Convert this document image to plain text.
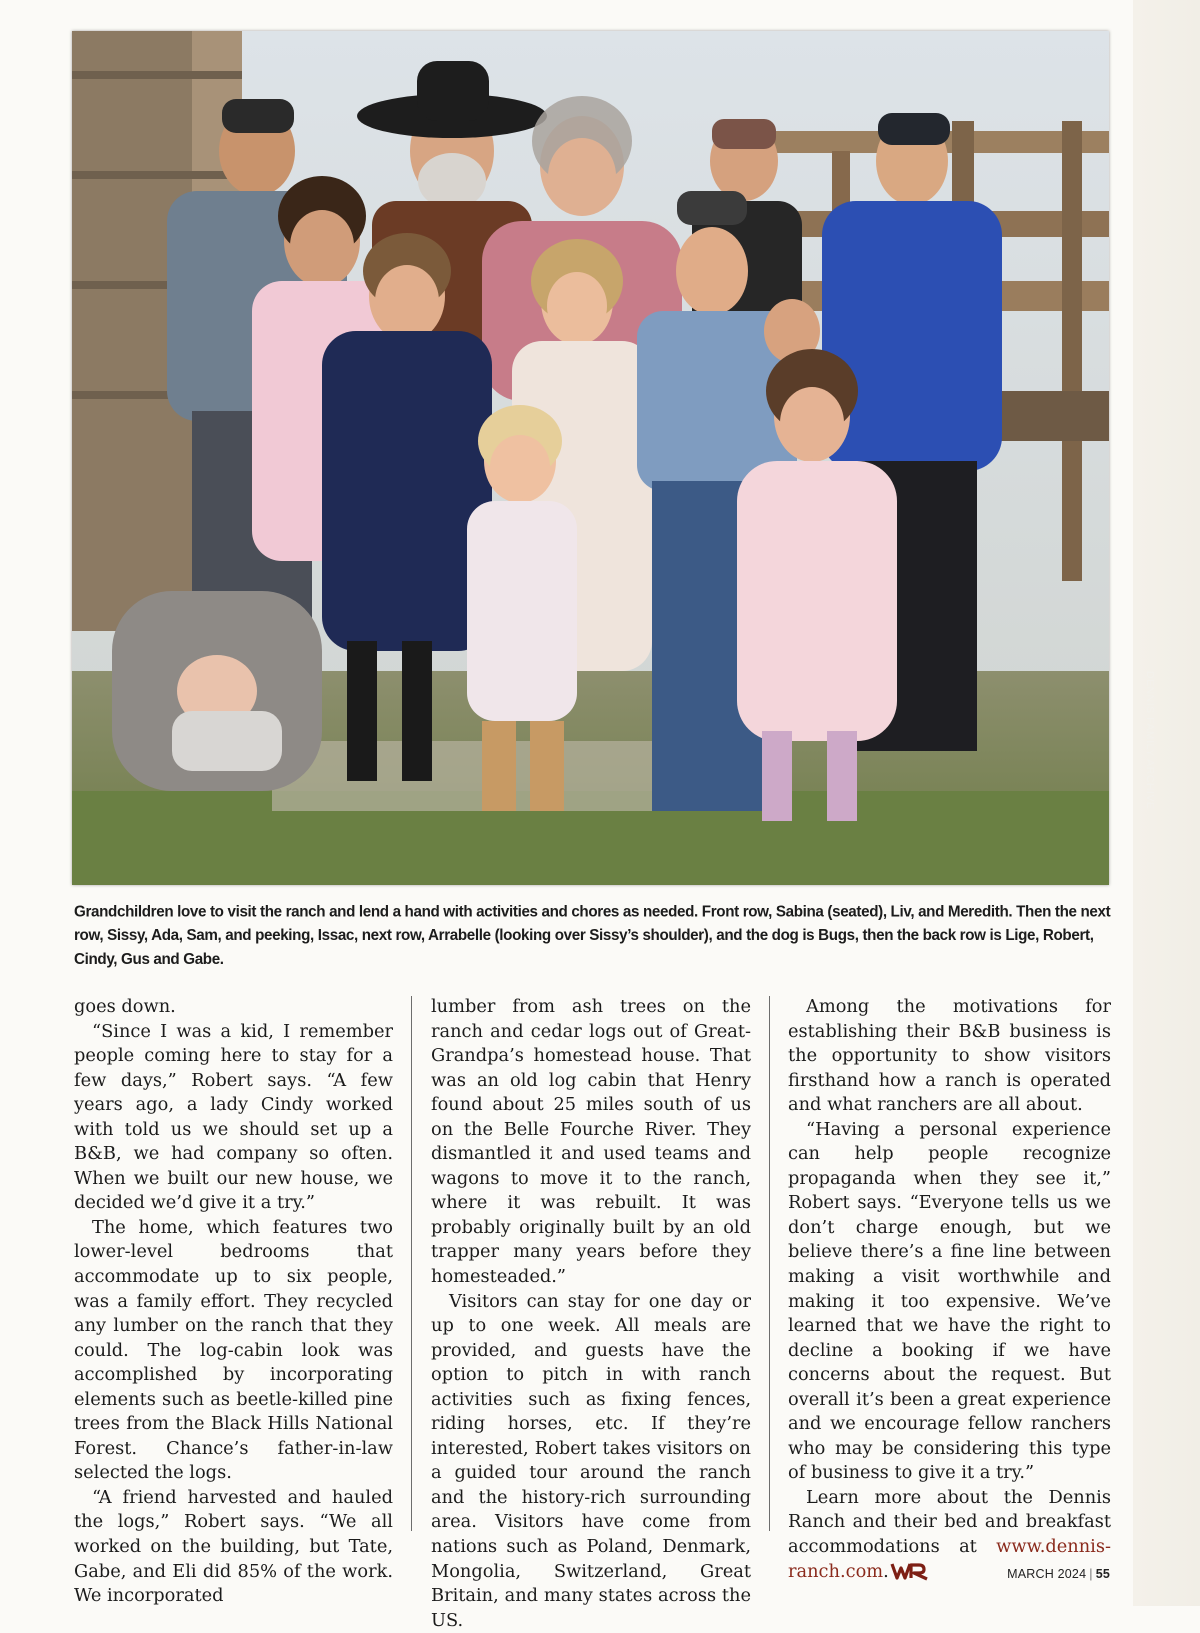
DENNIS FAMILY ARCHIVE
Grandchildren love to visit the ranch and lend a hand with activities and chores as needed. Front row, Sabina (seated), Liv, and Meredith. Then the next row, Sissy, Ada, Sam, and peeking, Issac, next row, Arrabelle (looking over Sissy’s shoulder), and the dog is Bugs, then the back row is Lige, Robert, Cindy, Gus and Gabe.

goes down.

“Since I was a kid, I remember people coming here to stay for a few days,” Robert says. “A few years ago, a lady Cindy worked with told us we should set up a B&B, we had company so often. When we built our new house, we decided we’d give it a try.”

The home, which features two lower-level bedrooms that accommodate up to six people, was a family effort. They recycled any lumber on the ranch that they could. The log-cabin look was accomplished by incorporating elements such as beetle-killed pine trees from the Black Hills National Forest. Chance’s father-in-law selected the logs.

“A friend harvested and hauled the logs,” Robert says. “We all worked on the building, but Tate, Gabe, and Eli did 85% of the work. We incorporated

lumber from ash trees on the ranch and cedar logs out of Great-Grandpa’s homestead house. That was an old log cabin that Henry found about 25 miles south of us on the Belle Fourche River. They dismantled it and used teams and wagons to move it to the ranch, where it was rebuilt. It was probably originally built by an old trapper many years before they homesteaded.”

Visitors can stay for one day or up to one week. All meals are provided, and guests have the option to pitch in with ranch activities such as fixing fences, riding horses, etc. If they’re interested, Robert takes visitors on a guided tour around the ranch and the history-rich surrounding area. Visitors have come from nations such as Poland, Denmark, Mongolia, Switzerland, Great Britain, and many states across the US.

Among the motivations for establishing their B&B business is the opportunity to show visitors firsthand how a ranch is operated and what ranchers are all about.

“Having a personal experience can help people recognize propaganda when they see it,” Robert says. “Everyone tells us we don’t charge enough, but we believe there’s a fine line between making a visit worthwhile and making it too expensive. We’ve learned that we have the right to decline a booking if we have concerns about the request. But overall it’s been a great experience and we encourage fellow ranchers who may be considering this type of business to give it a try.”

Learn more about the Dennis Ranch and their bed and breakfast accommodations at www.dennis-ranch.com.	MARCH 2024 | 55
